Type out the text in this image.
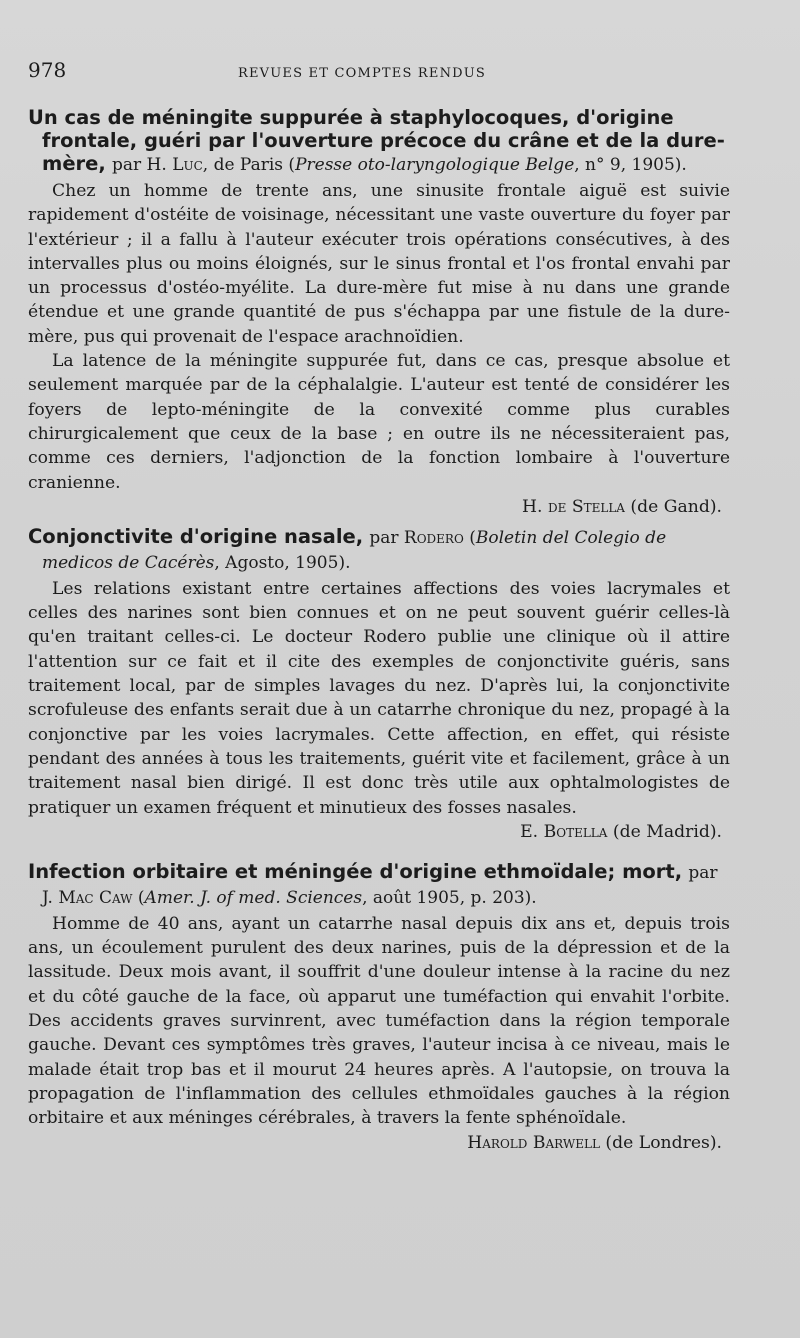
978	REVUES ET COMPTES RENDUS

Un cas de méningite suppurée à staphylocoques, d'origine frontale, guéri par l'ouverture précoce du crâne et de la dure-mère, par H. Luc, de Paris (Presse oto-laryngologique Belge, n° 9, 1905).

Chez un homme de trente ans, une sinusite frontale aiguë est suivie rapidement d'ostéite de voisinage, nécessitant une vaste ouverture du foyer par l'extérieur ; il a fallu à l'auteur exécuter trois opérations consécutives, à des intervalles plus ou moins éloignés, sur le sinus frontal et l'os frontal envahi par un processus d'ostéo-myélite. La dure-mère fut mise à nu dans une grande étendue et une grande quantité de pus s'échappa par une fistule de la dure-mère, pus qui provenait de l'espace arachnoïdien.

La latence de la méningite suppurée fut, dans ce cas, presque absolue et seulement marquée par de la céphalalgie. L'auteur est tenté de considérer les foyers de lepto-méningite de la convexité comme plus curables chirurgicalement que ceux de la base ; en outre ils ne nécessiteraient pas, comme ces derniers, l'adjonction de la fonction lombaire à l'ouverture cranienne.

H. de Stella (de Gand).

Conjonctivite d'origine nasale, par Rodero (Boletin del Colegio de medicos de Cacérès, Agosto, 1905).

Les relations existant entre certaines affections des voies lacrymales et celles des narines sont bien connues et on ne peut souvent guérir celles-là qu'en traitant celles-ci. Le docteur Rodero publie une clinique où il attire l'attention sur ce fait et il cite des exemples de conjonctivite guéris, sans traitement local, par de simples lavages du nez. D'après lui, la conjonctivite scrofuleuse des enfants serait due à un catarrhe chronique du nez, propagé à la conjonctive par les voies lacrymales. Cette affection, en effet, qui résiste pendant des années à tous les traitements, guérit vite et facilement, grâce à un traitement nasal bien dirigé. Il est donc très utile aux ophtalmologistes de pratiquer un examen fréquent et minutieux des fosses nasales.

E. Botella (de Madrid).

Infection orbitaire et méningée d'origine ethmoïdale; mort, par J. Mac Caw (Amer. J. of med. Sciences, août 1905, p. 203).

Homme de 40 ans, ayant un catarrhe nasal depuis dix ans et, depuis trois ans, un écoulement purulent des deux narines, puis de la dépression et de la lassitude. Deux mois avant, il souffrit d'une douleur intense à la racine du nez et du côté gauche de la face, où apparut une tuméfaction qui envahit l'orbite. Des accidents graves survinrent, avec tuméfaction dans la région temporale gauche. Devant ces symptômes très graves, l'auteur incisa à ce niveau, mais le malade était trop bas et il mourut 24 heures après. A l'autopsie, on trouva la propagation de l'inflammation des cellules ethmoïdales gauches à la région orbitaire et aux méninges cérébrales, à travers la fente sphénoïdale.

Harold Barwell (de Londres).
